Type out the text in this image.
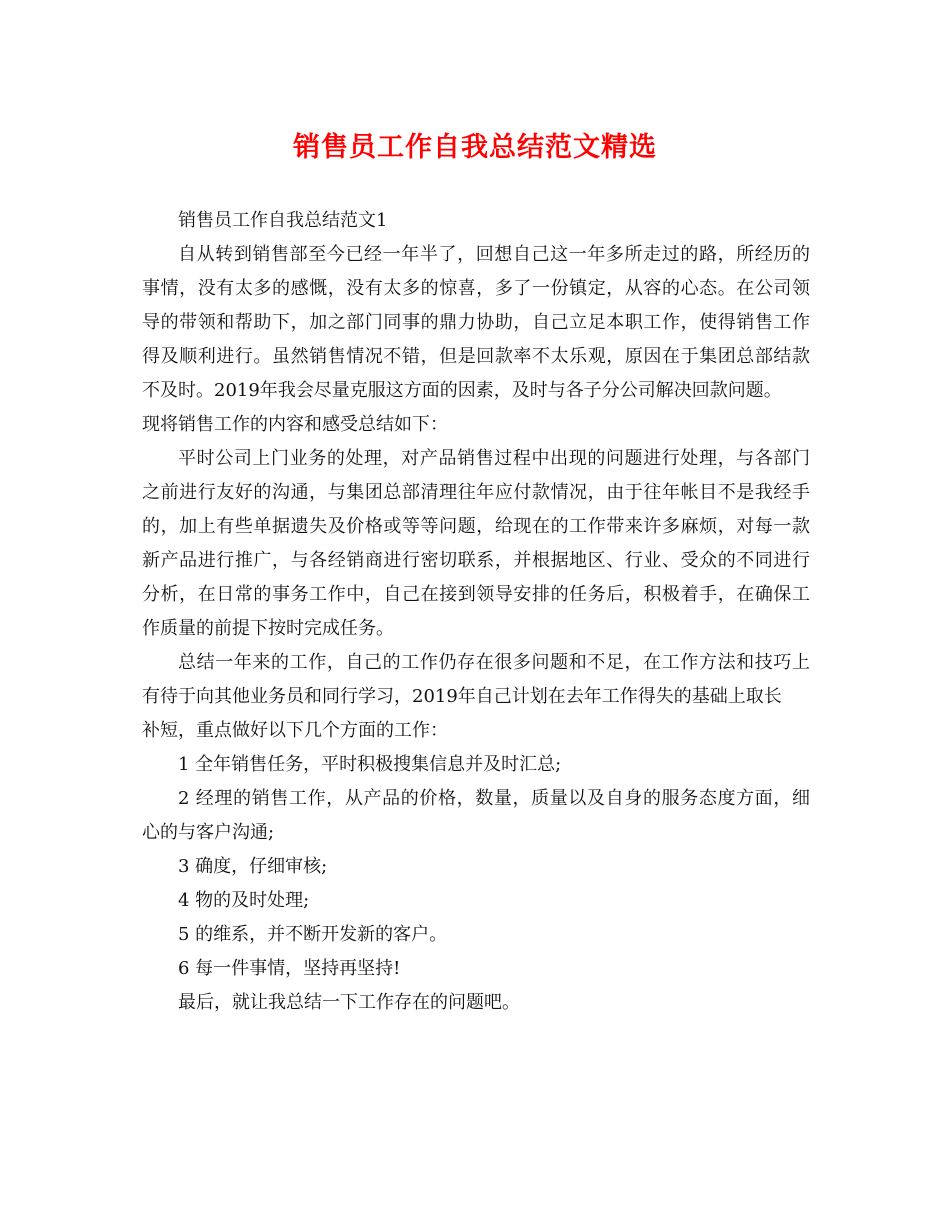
销售员工作自我总结范文精选
销售员工作自我总结范文1
自从转到销售部至今已经一年半了，回想自己这一年多所走过的路，所经历的
事情，没有太多的感慨，没有太多的惊喜，多了一份镇定，从容的心态。在公司领
导的带领和帮助下，加之部门同事的鼎力协助，自己立足本职工作，使得销售工作
得及顺利进行。虽然销售情况不错，但是回款率不太乐观，原因在于集团总部结款
不及时。2019年我会尽量克服这方面的因素，及时与各子分公司解决回款问题。
现将销售工作的内容和感受总结如下：
平时公司上门业务的处理，对产品销售过程中出现的问题进行处理，与各部门
之前进行友好的沟通，与集团总部清理往年应付款情况，由于往年帐目不是我经手
的，加上有些单据遗失及价格或等等问题，给现在的工作带来许多麻烦，对每一款
新产品进行推广，与各经销商进行密切联系，并根据地区、行业、受众的不同进行
分析，在日常的事务工作中，自己在接到领导安排的任务后，积极着手，在确保工
作质量的前提下按时完成任务。
总结一年来的工作，自己的工作仍存在很多问题和不足，在工作方法和技巧上
有待于向其他业务员和同行学习，2019年自己计划在去年工作得失的基础上取长
补短，重点做好以下几个方面的工作：
1 全年销售任务，平时积极搜集信息并及时汇总;
2 经理的销售工作，从产品的价格，数量，质量以及自身的服务态度方面，细
心的与客户沟通;
3 确度，仔细审核;
4 物的及时处理;
5 的维系，并不断开发新的客户。
6 每一件事情，坚持再坚持!
最后，就让我总结一下工作存在的问题吧。
